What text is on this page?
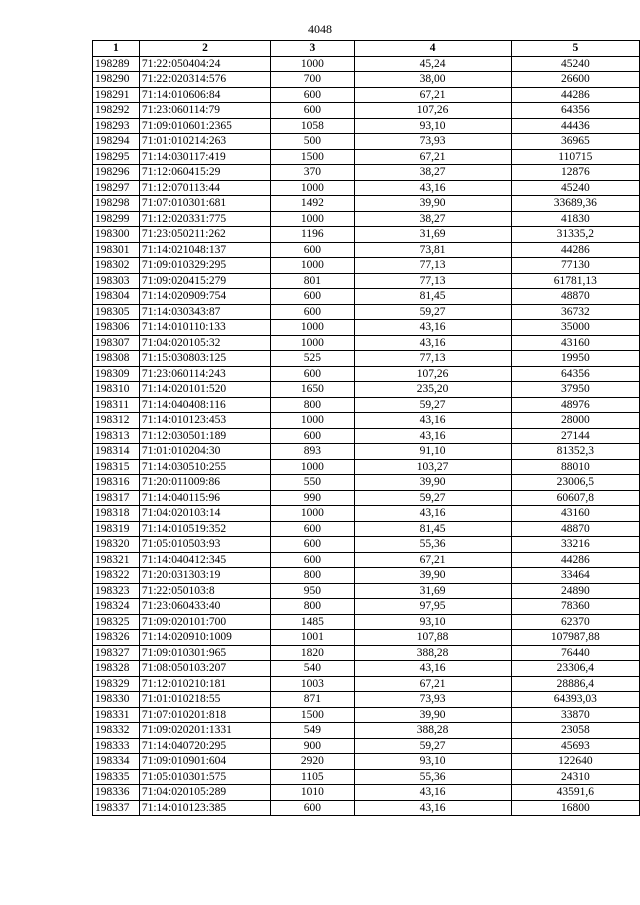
4048
1	2	3	4	5
198289	71:22:050404:24	1000	45,24	45240
198290	71:22:020314:576	700	38,00	26600
198291	71:14:010606:84	600	67,21	44286
198292	71:23:060114:79	600	107,26	64356
198293	71:09:010601:2365	1058	93,10	44436
198294	71:01:010214:263	500	73,93	36965
198295	71:14:030117:419	1500	67,21	110715
198296	71:12:060415:29	370	38,27	12876
198297	71:12:070113:44	1000	43,16	45240
198298	71:07:010301:681	1492	39,90	33689,36
198299	71:12:020331:775	1000	38,27	41830
198300	71:23:050211:262	1196	31,69	31335,2
198301	71:14:021048:137	600	73,81	44286
198302	71:09:010329:295	1000	77,13	77130
198303	71:09:020415:279	801	77,13	61781,13
198304	71:14:020909:754	600	81,45	48870
198305	71:14:030343:87	600	59,27	36732
198306	71:14:010110:133	1000	43,16	35000
198307	71:04:020105:32	1000	43,16	43160
198308	71:15:030803:125	525	77,13	19950
198309	71:23:060114:243	600	107,26	64356
198310	71:14:020101:520	1650	235,20	37950
198311	71:14:040408:116	800	59,27	48976
198312	71:14:010123:453	1000	43,16	28000
198313	71:12:030501:189	600	43,16	27144
198314	71:01:010204:30	893	91,10	81352,3
198315	71:14:030510:255	1000	103,27	88010
198316	71:20:011009:86	550	39,90	23006,5
198317	71:14:040115:96	990	59,27	60607,8
198318	71:04:020103:14	1000	43,16	43160
198319	71:14:010519:352	600	81,45	48870
198320	71:05:010503:93	600	55,36	33216
198321	71:14:040412:345	600	67,21	44286
198322	71:20:031303:19	800	39,90	33464
198323	71:22:050103:8	950	31,69	24890
198324	71:23:060433:40	800	97,95	78360
198325	71:09:020101:700	1485	93,10	62370
198326	71:14:020910:1009	1001	107,88	107987,88
198327	71:09:010301:965	1820	388,28	76440
198328	71:08:050103:207	540	43,16	23306,4
198329	71:12:010210:181	1003	67,21	28886,4
198330	71:01:010218:55	871	73,93	64393,03
198331	71:07:010201:818	1500	39,90	33870
198332	71:09:020201:1331	549	388,28	23058
198333	71:14:040720:295	900	59,27	45693
198334	71:09:010901:604	2920	93,10	122640
198335	71:05:010301:575	1105	55,36	24310
198336	71:04:020105:289	1010	43,16	43591,6
198337	71:14:010123:385	600	43,16	16800
